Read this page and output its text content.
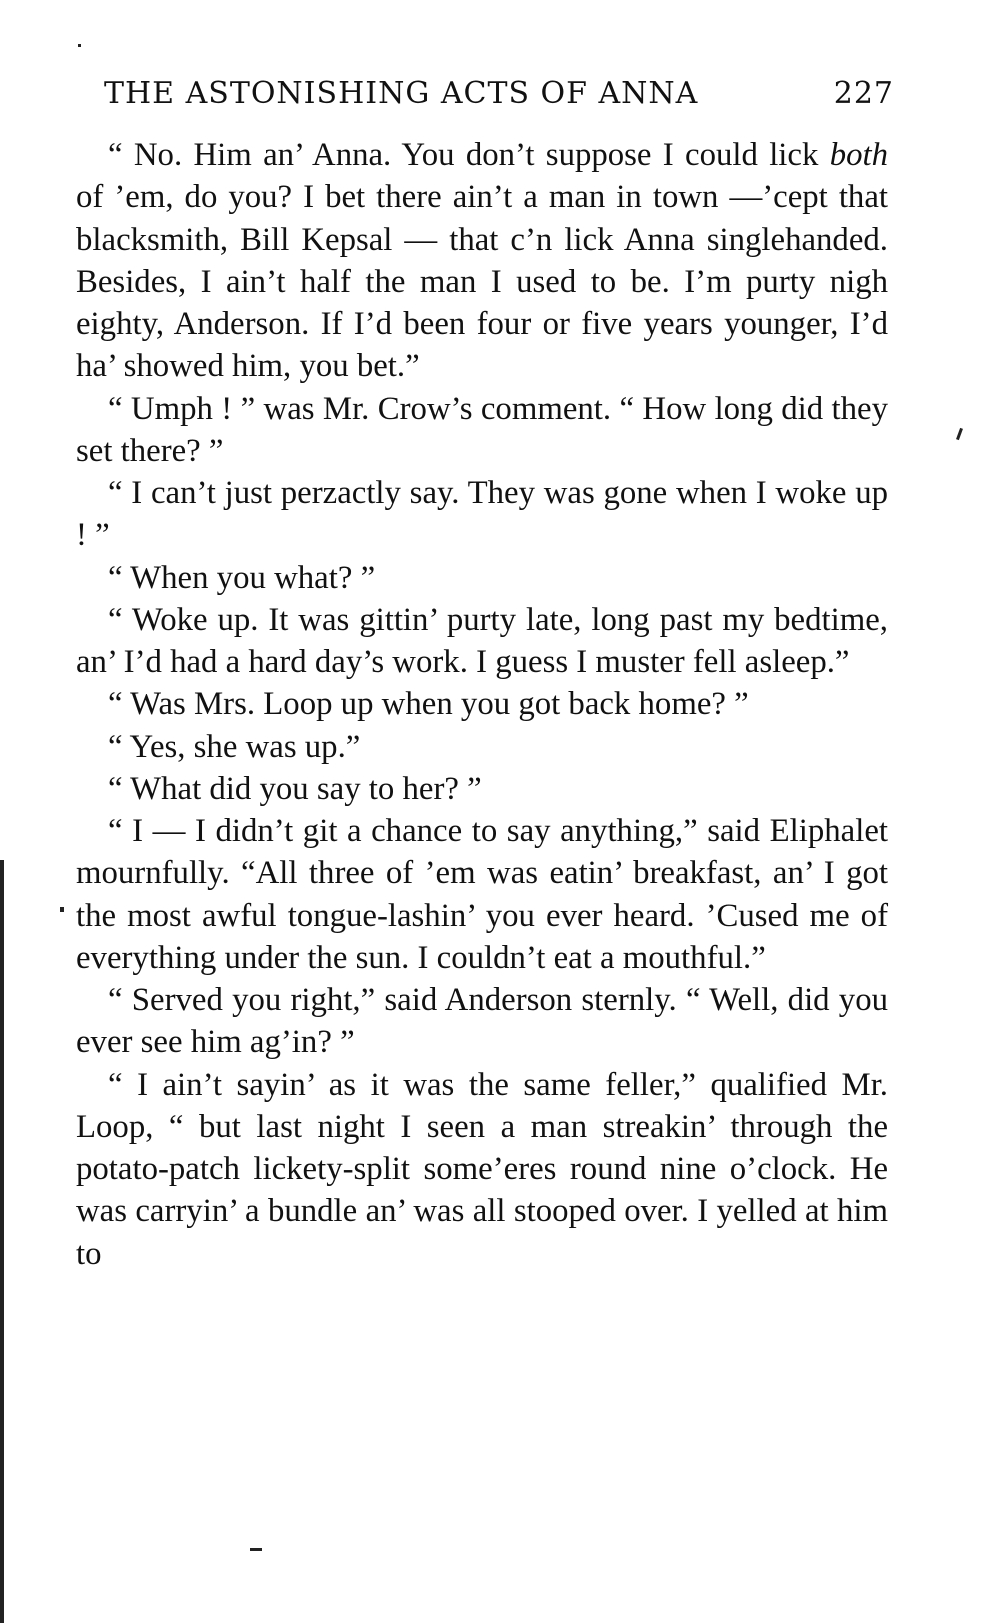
THE ASTONISHING ACTS OF ANNA	227

“ No. Him an’ Anna. You don’t suppose I could lick both of ’em, do you? I bet there ain’t a man in town —’cept that blacksmith, Bill Kepsal — that c’n lick Anna singlehanded. Besides, I ain’t half the man I used to be. I’m purty nigh eighty, Anderson. If I’d been four or five years younger, I’d ha’ showed him, you bet.”

“ Umph ! ” was Mr. Crow’s comment. “ How long did they set there? ”

“ I can’t just perzactly say. They was gone when I woke up ! ”

“ When you what? ”

“ Woke up. It was gittin’ purty late, long past my bedtime, an’ I’d had a hard day’s work. I guess I muster fell asleep.”

“ Was Mrs. Loop up when you got back home? ”

“ Yes, she was up.”

“ What did you say to her? ”

“ I — I didn’t git a chance to say anything,” said Eliphalet mournfully. “All three of ’em was eatin’ breakfast, an’ I got the most awful tongue-lashin’ you ever heard. ’Cused me of everything under the sun. I couldn’t eat a mouthful.”

“ Served you right,” said Anderson sternly. “ Well, did you ever see him ag’in? ”

“ I ain’t sayin’ as it was the same feller,” qualified Mr. Loop, “ but last night I seen a man streakin’ through the potato-patch lickety-split some’eres round nine o’clock. He was carryin’ a bundle an’ was all stooped over. I yelled at him to
